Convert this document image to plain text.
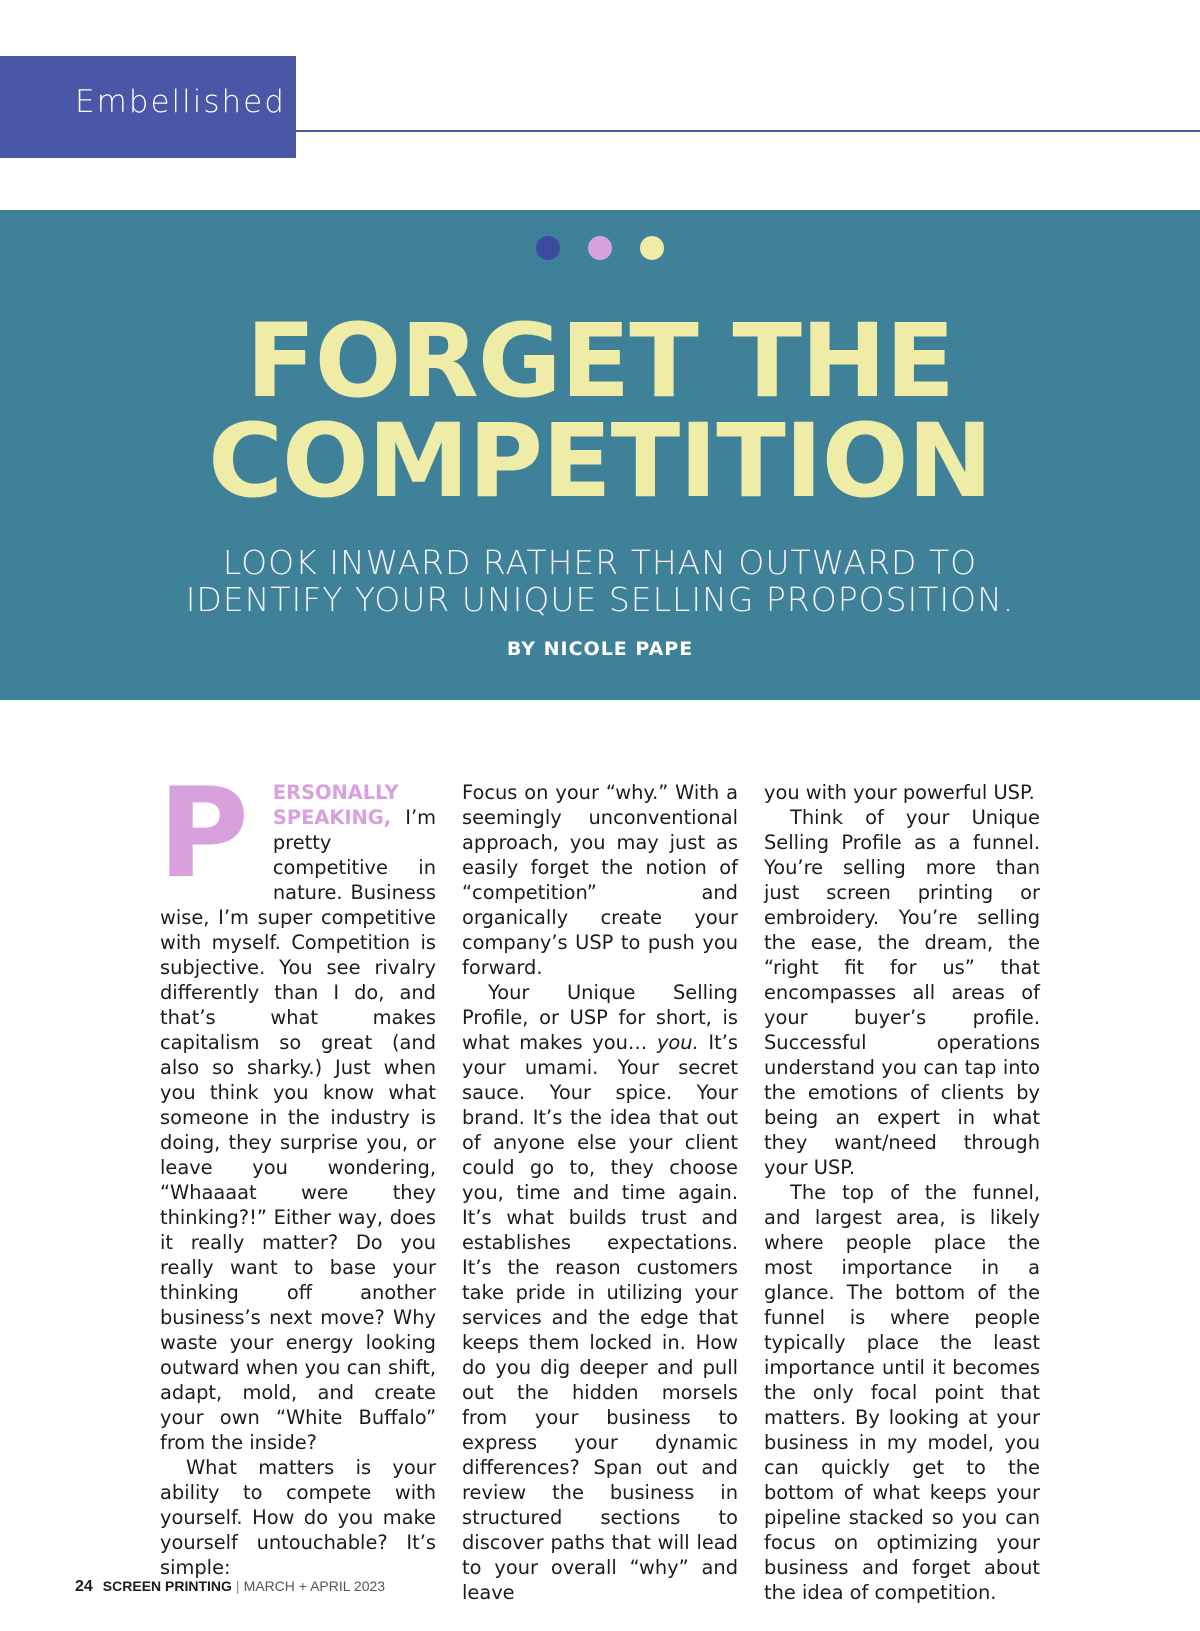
Embellished
FORGET THE
COMPETITION
LOOK INWARD RATHER THAN OUTWARD TO
IDENTIFY YOUR UNIQUE SELLING PROPOSITION.
BY NICOLE PAPE

P ERSONALLY SPEAKING, I’m pretty competitive in nature. Business wise, I’m super competitive with myself. Competition is subjective. You see rivalry differently than I do, and that’s what makes capitalism so great (and also so sharky.) Just when you think you know what someone in the industry is doing, they surprise you, or leave you wondering, “Whaaaat were they thinking?!” Either way, does it really matter? Do you really want to base your thinking off another business’s next move? Why waste your energy looking outward when you can shift, adapt, mold, and create your own “White Buffalo” from the inside?

What matters is your ability to compete with yourself. How do you make yourself untouchable? It’s simple:

Focus on your “why.” With a seemingly unconventional approach, you may just as easily forget the notion of “competition” and organically create your company’s USP to push you forward.

Your Unique Selling Profile, or USP for short, is what makes you… you. It’s your umami. Your secret sauce. Your spice. Your brand. It’s the idea that out of anyone else your client could go to, they choose you, time and time again. It’s what builds trust and establishes expectations. It’s the reason customers take pride in utilizing your services and the edge that keeps them locked in. How do you dig deeper and pull out the hidden morsels from your business to express your dynamic differences? Span out and review the business in structured sections to discover paths that will lead to your overall “why” and leave

you with your powerful USP.

Think of your Unique Selling Profile as a funnel. You’re selling more than just screen printing or embroidery. You’re selling the ease, the dream, the “right fit for us” that encompasses all areas of your buyer’s profile. Successful operations understand you can tap into the emotions of clients by being an expert in what they want/need through your USP.

The top of the funnel, and largest area, is likely where people place the most importance in a glance. The bottom of the funnel is where people typically place the least importance until it becomes the only focal point that matters. By looking at your business in my model, you can quickly get to the bottom of what keeps your pipeline stacked so you can focus on optimizing your business and forget about the idea of competition.

24 SCREEN PRINTING | MARCH + APRIL 2023
